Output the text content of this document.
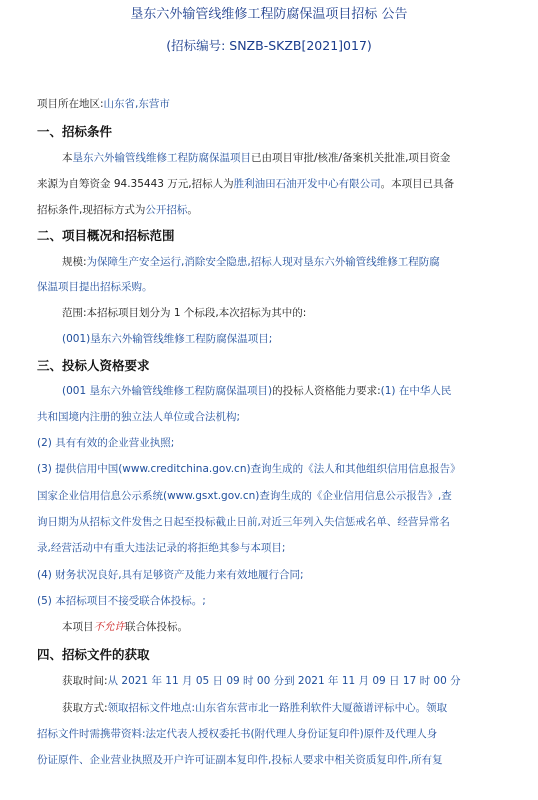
垦东六外输管线维修工程防腐保温项目招标 公告
(招标编号: SNZB-SKZB[2021]017)
项目所在地区:山东省,东营市
一、招标条件
本垦东六外输管线维修工程防腐保温项目已由项目审批/核准/备案机关批准,项目资金
来源为自筹资金 94.35443 万元,招标人为胜利油田石油开发中心有限公司。本项目已具备
招标条件,现招标方式为公开招标。
二、项目概况和招标范围
规模:为保障生产安全运行,消除安全隐患,招标人现对垦东六外输管线维修工程防腐
保温项目提出招标采购。
范围:本招标项目划分为 1 个标段,本次招标为其中的:
(001)垦东六外输管线维修工程防腐保温项目;
三、投标人资格要求
(001 垦东六外输管线维修工程防腐保温项目)的投标人资格能力要求:(1) 在中华人民
共和国境内注册的独立法人单位或合法机构;
(2) 具有有效的企业营业执照;
(3) 提供信用中国(www.creditchina.gov.cn)查询生成的《法人和其他组织信用信息报告》
国家企业信用信息公示系统(www.gsxt.gov.cn)查询生成的《企业信用信息公示报告》,查
询日期为从招标文件发售之日起至投标截止日前,对近三年列入失信惩戒名单、经营异常名
录,经营活动中有重大违法记录的将拒绝其参与本项目;
(4) 财务状况良好,具有足够资产及能力来有效地履行合同;
(5) 本招标项目不接受联合体投标。;
本项目不允许联合体投标。
四、招标文件的获取
获取时间:从 2021 年 11 月 05 日 09 时 00 分到 2021 年 11 月 09 日 17 时 00 分
获取方式:领取招标文件地点:山东省东营市北一路胜利软件大厦薇谱评标中心。领取
招标文件时需携带资料:法定代表人授权委托书(附代理人身份证复印件)原件及代理人身
份证原件、企业营业执照及开户许可证副本复印件,投标人要求中相关资质复印件,所有复
